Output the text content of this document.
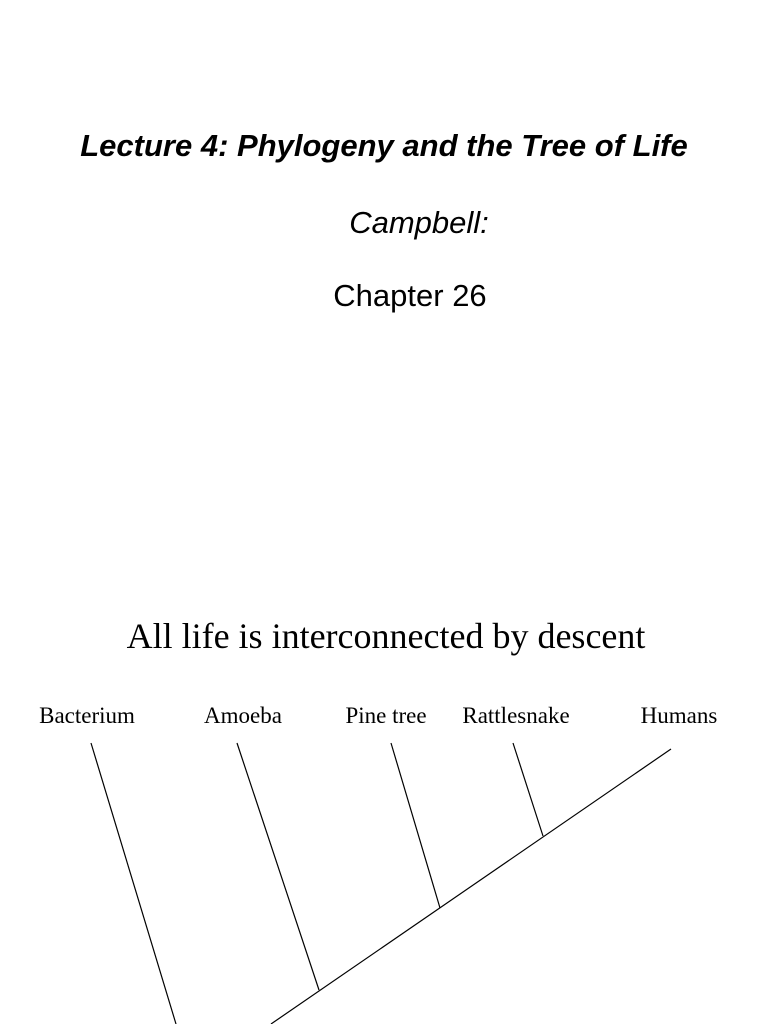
Lecture 4: Phylogeny and the Tree of Life
Campbell:
Chapter 26
All life is interconnected by descent
Bacterium	Amoeba	Pine tree Rattlesnake	Humans
